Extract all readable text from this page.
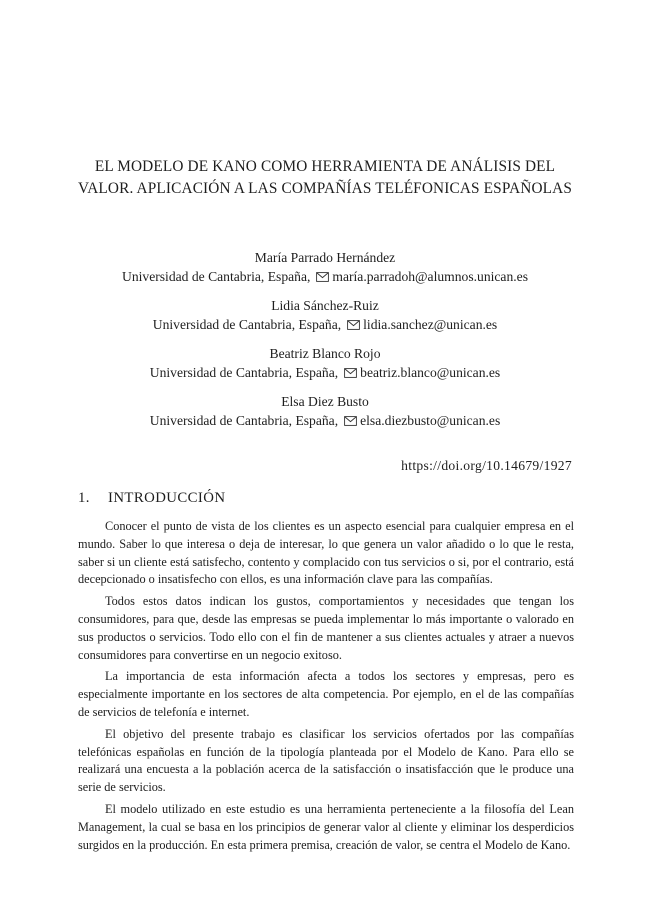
EL MODELO DE KANO COMO HERRAMIENTA DE ANÁLISIS DEL
VALOR. APLICACIÓN A LAS COMPAÑÍAS TELÉFONICAS ESPAÑOLAS
María Parrado Hernández
Universidad de Cantabria, España, maría.parradoh@alumnos.unican.es
Lidia Sánchez-Ruiz
Universidad de Cantabria, España, lidia.sanchez@unican.es
Beatriz Blanco Rojo
Universidad de Cantabria, España, beatriz.blanco@unican.es
Elsa Diez Busto
Universidad de Cantabria, España, elsa.diezbusto@unican.es
https://doi.org/10.14679/1927
1. INTRODUCCIÓN

Conocer el punto de vista de los clientes es un aspecto esencial para cualquier empresa en el mundo. Saber lo que interesa o deja de interesar, lo que genera un valor añadido o lo que le resta, saber si un cliente está satisfecho, contento y complacido con tus servicios o si, por el contrario, está decepcionado o insatisfecho con ellos, es una información clave para las compañías.

Todos estos datos indican los gustos, comportamientos y necesidades que tengan los consumidores, para que, desde las empresas se pueda implementar lo más importante o valorado en sus productos o servicios. Todo ello con el fin de mantener a sus clientes actuales y atraer a nuevos consumidores para convertirse en un negocio exitoso.

La importancia de esta información afecta a todos los sectores y empresas, pero es especialmente importante en los sectores de alta competencia. Por ejemplo, en el de las compañías de servicios de telefonía e internet.

El objetivo del presente trabajo es clasificar los servicios ofertados por las compañías telefónicas españolas en función de la tipología planteada por el Modelo de Kano. Para ello se realizará una encuesta a la población acerca de la satisfacción o insatisfacción que le produce una serie de servicios.

El modelo utilizado en este estudio es una herramienta perteneciente a la filosofía del Lean Management, la cual se basa en los principios de generar valor al cliente y eliminar los desperdicios surgidos en la producción. En esta primera premisa, creación de valor, se centra el Modelo de Kano.
